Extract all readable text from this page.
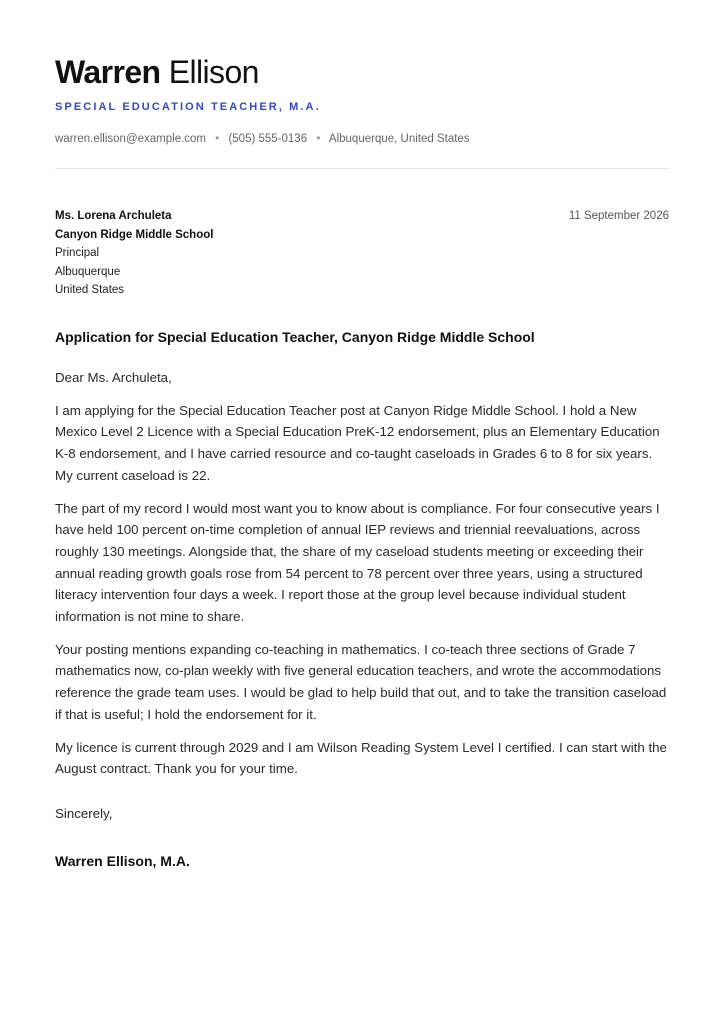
Warren Ellison
SPECIAL EDUCATION TEACHER, M.A.
warren.ellison@example.com • (505) 555-0136 • Albuquerque, United States
Ms. Lorena Archuleta
Canyon Ridge Middle School
Principal
Albuquerque
United States
11 September 2026
Application for Special Education Teacher, Canyon Ridge Middle School

Dear Ms. Archuleta,

I am applying for the Special Education Teacher post at Canyon Ridge Middle School. I hold a New Mexico Level 2 Licence with a Special Education PreK-12 endorsement, plus an Elementary Education K-8 endorsement, and I have carried resource and co-taught caseloads in Grades 6 to 8 for six years. My current caseload is 22.

The part of my record I would most want you to know about is compliance. For four consecutive years I have held 100 percent on-time completion of annual IEP reviews and triennial reevaluations, across roughly 130 meetings. Alongside that, the share of my caseload students meeting or exceeding their annual reading growth goals rose from 54 percent to 78 percent over three years, using a structured literacy intervention four days a week. I report those at the group level because individual student information is not mine to share.

Your posting mentions expanding co-teaching in mathematics. I co-teach three sections of Grade 7 mathematics now, co-plan weekly with five general education teachers, and wrote the accommodations reference the grade team uses. I would be glad to help build that out, and to take the transition caseload if that is useful; I hold the endorsement for it.

My licence is current through 2029 and I am Wilson Reading System Level I certified. I can start with the August contract. Thank you for your time.

Sincerely,
Warren Ellison, M.A.
